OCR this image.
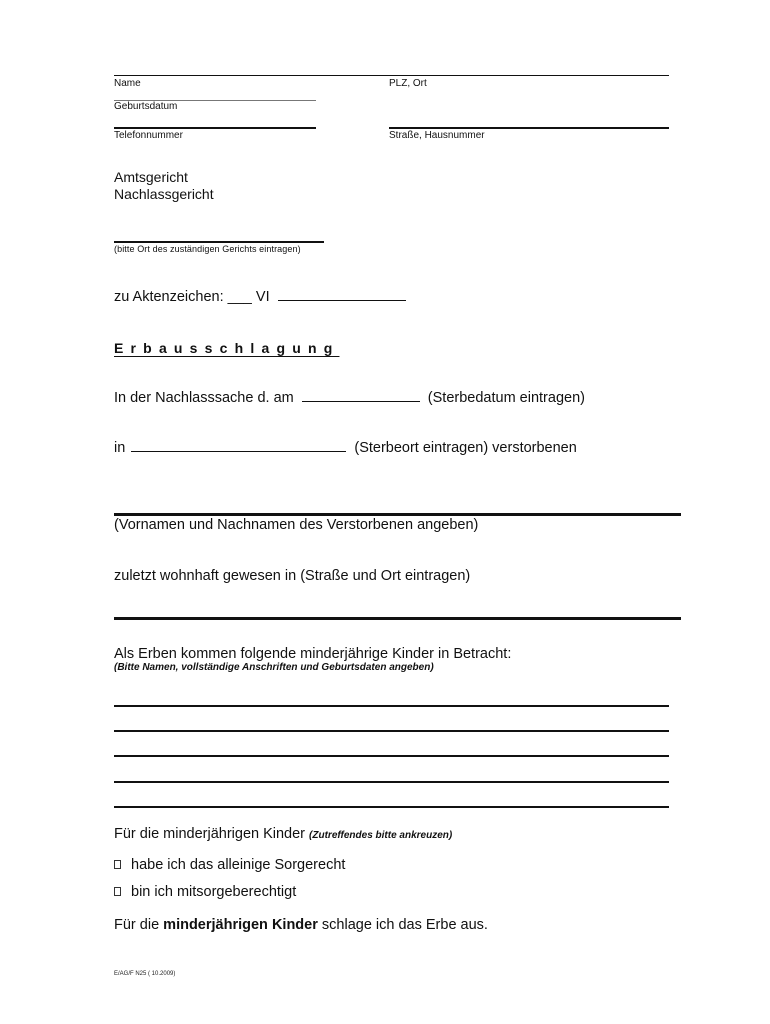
Name	PLZ, Ort
Geburtsdatum
Telefonnummer	Straße, Hausnummer
Amtsgericht
Nachlassgericht
(bitte Ort des zuständigen Gerichts eintragen)
zu Aktenzeichen: ___ VI
Erbausschlagung
In der Nachlasssache d. am	(Sterbedatum eintragen)
in	(Sterbeort eintragen) verstorbenen
(Vornamen und Nachnamen des Verstorbenen angeben)
zuletzt wohnhaft gewesen in (Straße und Ort eintragen)
Als Erben kommen folgende minderjährige Kinder in Betracht:
(Bitte Namen, vollständige Anschriften und Geburtsdaten angeben)
Für die minderjährigen Kinder (Zutreffendes bitte ankreuzen)
habe ich das alleinige Sorgerecht
bin ich mitsorgeberechtigt
Für die minderjährigen Kinder schlage ich das Erbe aus.
E/AG/F N25 ( 10.2009)
